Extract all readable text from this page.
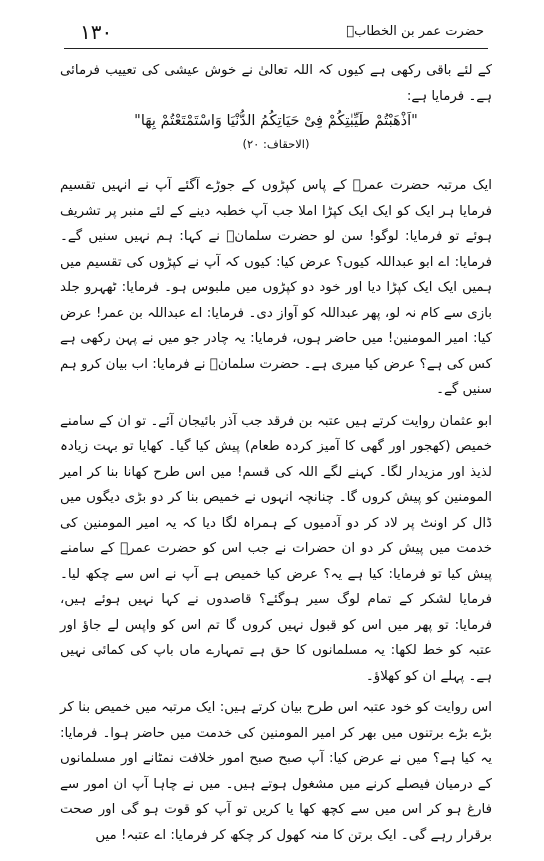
۱۳۰	حضرت عمر بن الخطابؓ

کے لئے باقی رکھی ہے کیوں کہ اللہ تعالیٰ نے خوش عیشی کی تعییب فرمائی ہے۔ فرمایا ہے:

"اَذْهَبْتُمْ طَيِّبٰتِكُمْ فِیْ حَيَاتِكُمُ الدُّنْيَا وَاسْتَمْتَعْتُمْ بِهَا"

(الاحقاف: ۲۰)

ایک مرتبہ حضرت عمرؓ کے پاس کپڑوں کے جوڑے آگئے آپ نے انہیں تقسیم فرمایا ہر ایک کو ایک ایک کپڑا املا جب آپ خطبہ دینے کے لئے منبر پر تشریف ہوئے تو فرمایا: لوگو! سن لو حضرت سلمانؓ نے کہا: ہم نہیں سنیں گے۔ فرمایا: اے ابو عبداللہ کیوں؟ عرض کیا: کیوں کہ آپ نے کپڑوں کی تقسیم میں ہمیں ایک ایک کپڑا دیا اور خود دو کپڑوں میں ملبوس ہو۔ فرمایا: ٹھہرو جلد بازی سے کام نہ لو، پھر عبداللہ کو آواز دی۔ فرمایا: اے عبداللہ بن عمر! عرض کیا: امیر المومنین! میں حاضر ہوں، فرمایا: یہ چادر جو میں نے پہن رکھی ہے کس کی ہے؟ عرض کیا میری ہے۔ حضرت سلمانؓ نے فرمایا: اب بیان کرو ہم سنیں گے۔

ابو عثمان روایت کرتے ہیں عتبہ بن فرقد جب آذر بائیجان آئے۔ تو ان کے سامنے خمیص (کھجور اور گھی کا آمیز کردہ طعام) پیش کیا گیا۔ کھایا تو بہت زیادہ لذیذ اور مزیدار لگا۔ کہنے لگے اللہ کی قسم! میں اس طرح کھانا بنا کر امیر المومنین کو پیش کروں گا۔ چنانچہ انہوں نے خمیص بنا کر دو بڑی دیگوں میں ڈال کر اونٹ پر لاد کر دو آدمیوں کے ہمراہ لگا دیا کہ یہ امیر المومنین کی خدمت میں پیش کر دو ان حضرات نے جب اس کو حضرت عمرؓ کے سامنے پیش کیا تو فرمایا: کیا ہے یہ؟ عرض کیا خمیص ہے آپ نے اس سے چکھ لیا۔ فرمایا لشکر کے تمام لوگ سیر ہوگئے؟ قاصدوں نے کہا نہیں ہوئے ہیں، فرمایا: تو پھر میں اس کو قبول نہیں کروں گا تم اس کو واپس لے جاؤ اور عتبہ کو خط لکھا: یہ مسلمانوں کا حق ہے تمہارے ماں باپ کی کمائی نہیں ہے۔ پہلے ان کو کھلاؤ۔

اس روایت کو خود عتبہ اس طرح بیان کرتے ہیں: ایک مرتبہ میں خمیص بنا کر بڑے بڑے برتنوں میں بھر کر امیر المومنین کی خدمت میں حاضر ہوا۔ فرمایا: یہ کیا ہے؟ میں نے عرض کیا: آپ صبح صبح امور خلافت نمٹانے اور مسلمانوں کے درمیان فیصلے کرنے میں مشغول ہوتے ہیں۔ میں نے چاہا آپ ان امور سے فارغ ہو کر اس میں سے کچھ کھا یا کریں تو آپ کو قوت ہو گی اور صحت برقرار رہے گی۔ ایک برتن کا منہ کھول کر چکھ کر فرمایا: اے عتبہ! میں
